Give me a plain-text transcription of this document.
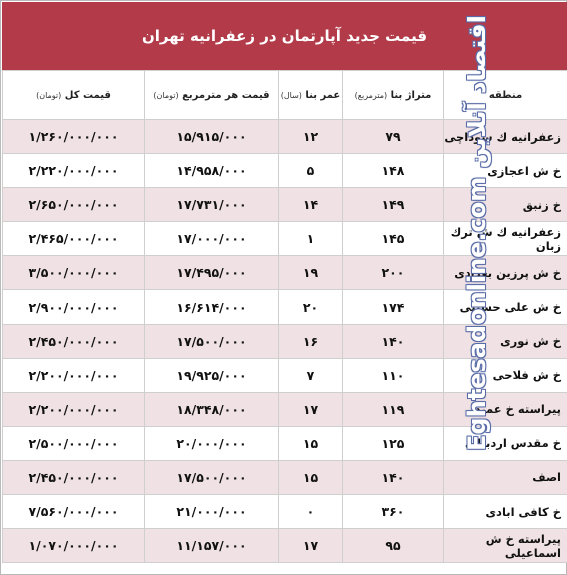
قیمت جدید آپارتمان در زعفرانیه تهران
منطقه	متراژ بنا (مترمربع)	عمر بنا (سال)	قیمت هر مترمربع (تومان)	قیمت کل (تومان)
زعفرانیه ك سوداچی	۷۹	۱۲	۱۵/۹۱۵/۰۰۰	۱/۲۶۰/۰۰۰/۰۰۰
خ ش اعجازی	۱۴۸	۵	۱۴/۹۵۸/۰۰۰	۲/۲۲۰/۰۰۰/۰۰۰
خ زنبق	۱۴۹	۱۴	۱۷/۷۳۱/۰۰۰	۲/۶۵۰/۰۰۰/۰۰۰
زعفرانیه ك ش ترك زبان	۱۴۵	۱	۱۷/۰۰۰/۰۰۰	۲/۴۶۵/۰۰۰/۰۰۰
خ ش پرزین بغدادی	۲۰۰	۱۹	۱۷/۴۹۵/۰۰۰	۳/۵۰۰/۰۰۰/۰۰۰
خ ش علی حسینی	۱۷۴	۲۰	۱۶/۶۱۴/۰۰۰	۲/۹۰۰/۰۰۰/۰۰۰
خ ش نوری	۱۴۰	۱۶	۱۷/۵۰۰/۰۰۰	۲/۴۵۰/۰۰۰/۰۰۰
خ ش فلاحی	۱۱۰	۷	۱۹/۹۲۵/۰۰۰	۲/۲۰۰/۰۰۰/۰۰۰
پیراسته خ عمید	۱۱۹	۱۷	۱۸/۳۴۸/۰۰۰	۲/۲۰۰/۰۰۰/۰۰۰
خ مقدس اردبیلی	۱۲۵	۱۵	۲۰/۰۰۰/۰۰۰	۲/۵۰۰/۰۰۰/۰۰۰
اصف	۱۴۰	۱۵	۱۷/۵۰۰/۰۰۰	۲/۴۵۰/۰۰۰/۰۰۰
خ كافی ابادی	۳۶۰	۰	۲۱/۰۰۰/۰۰۰	۷/۵۶۰/۰۰۰/۰۰۰
پیراسته خ ش اسماعیلی	۹۵	۱۷	۱۱/۱۵۷/۰۰۰	۱/۰۷۰/۰۰۰/۰۰۰
اقتصاد آنلاین Eghtesadonline.com
